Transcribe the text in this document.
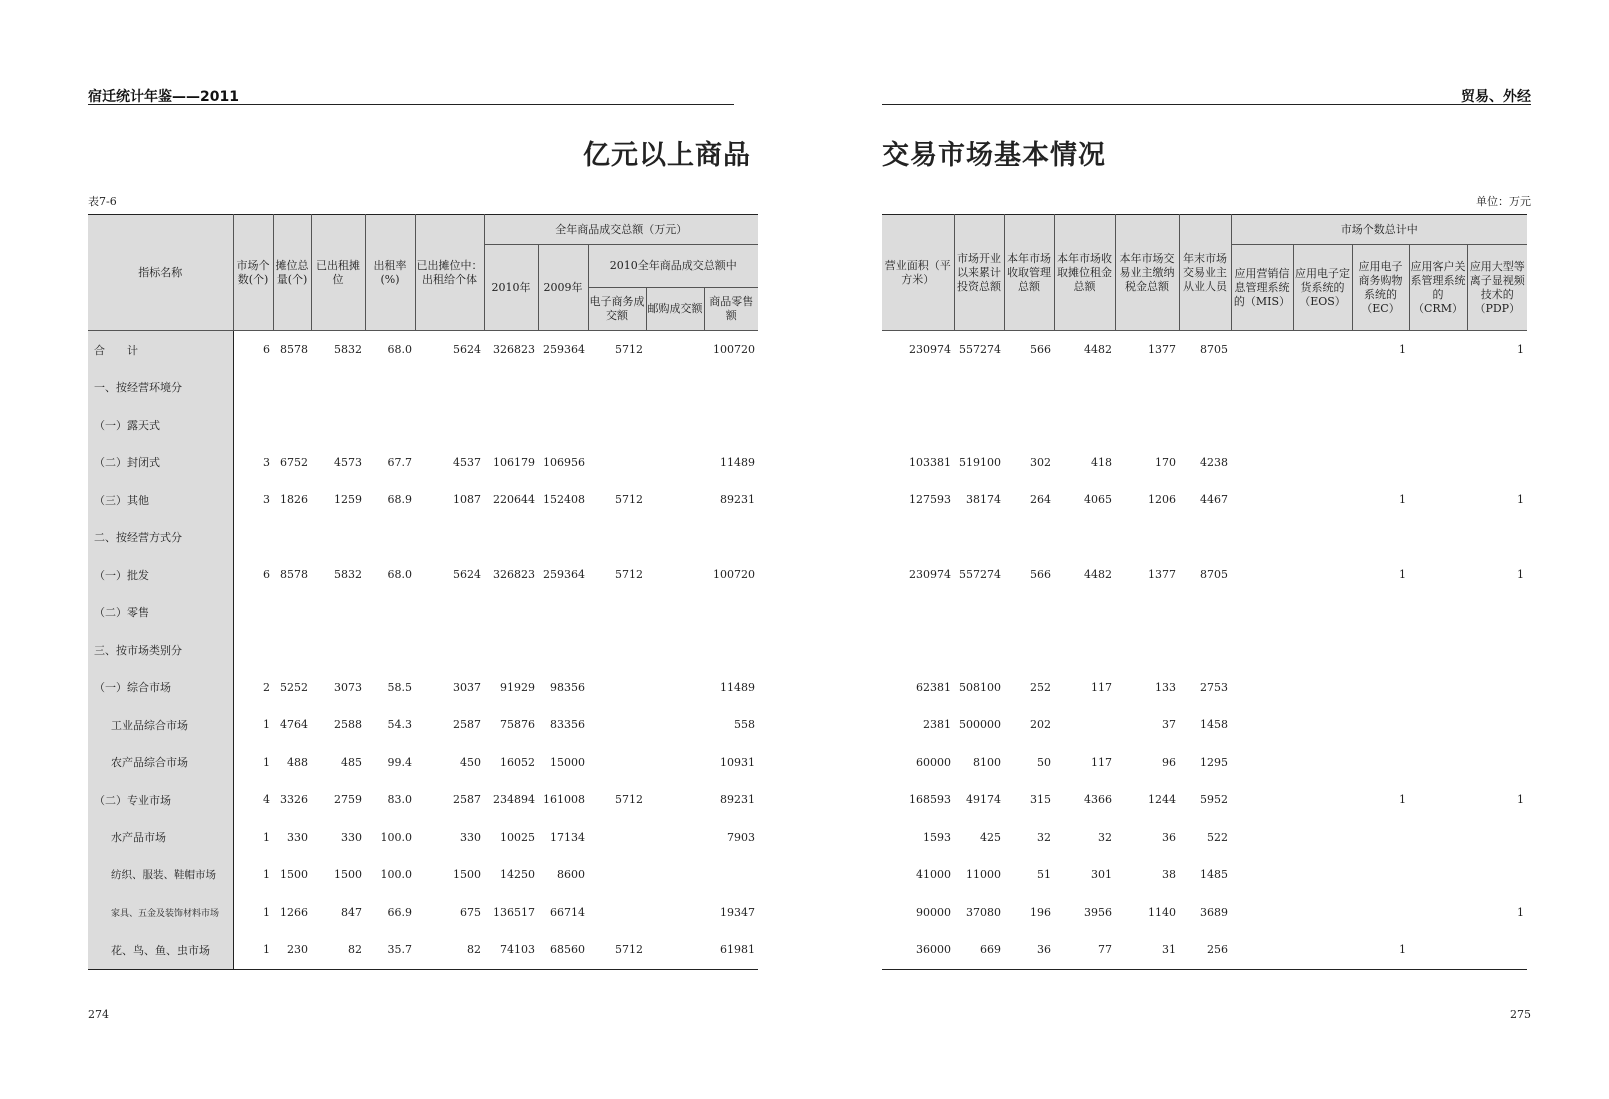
宿迁统计年鉴——2011
亿元以上商品
表7-6
指标名称	市场个数(个)	摊位总量(个)	已出租摊位	出租率(%)	已出摊位中：出租给个体	全年商品成交总额（万元）				
						2010年	2009年	2010全年商品成交总额中		
								电子商务成交额	邮购成交额	商品零售额
合　　计	6	8578	5832	68.0	5624	326823	259364	5712		100720
一、按经营环境分										
（一）露天式										
（二）封闭式	3	6752	4573	67.7	4537	106179	106956			11489
（三）其他	3	1826	1259	68.9	1087	220644	152408	5712		89231
二、按经营方式分										
（一）批发	6	8578	5832	68.0	5624	326823	259364	5712		100720
（二）零售										
三、按市场类别分										
（一）综合市场	2	5252	3073	58.5	3037	91929	98356			11489
工业品综合市场	1	4764	2588	54.3	2587	75876	83356			558
农产品综合市场	1	488	485	99.4	450	16052	15000			10931
（二）专业市场	4	3326	2759	83.0	2587	234894	161008	5712		89231
水产品市场	1	330	330	100.0	330	10025	17134			7903
纺织、服装、鞋帽市场	1	1500	1500	100.0	1500	14250	8600			
家具、五金及装饰材料市场	1	1266	847	66.9	675	136517	66714			19347
花、鸟、鱼、虫市场	1	230	82	35.7	82	74103	68560	5712		61981
274
贸易、外经
交易市场基本情况
单位：万元
营业面积（平方米）	市场开业以来累计投资总额	本年市场收取管理总额	本年市场收取摊位租金总额	本年市场交易业主缴纳税金总额	年末市场交易业主从业人员	市场个数总计中				
						应用营销信息管理系统的（MIS）	应用电子定货系统的（EOS）	应用电子商务购物系统的（EC）	应用客户关系管理系统的（CRM）	应用大型等离子显视频技术的（PDP）

230974	557274	566	4482	1377	8705			1		1

103381	519100	302	418	170	4238					
127593	38174	264	4065	1206	4467			1		1

230974	557274	566	4482	1377	8705			1		1

62381	508100	252	117	133	2753					
2381	500000	202		37	1458					
60000	8100	50	117	96	1295					
168593	49174	315	4366	1244	5952			1		1
1593	425	32	32	36	522					
41000	11000	51	301	38	1485					
90000	37080	196	3956	1140	3689					1
36000	669	36	77	31	256			1		
275
